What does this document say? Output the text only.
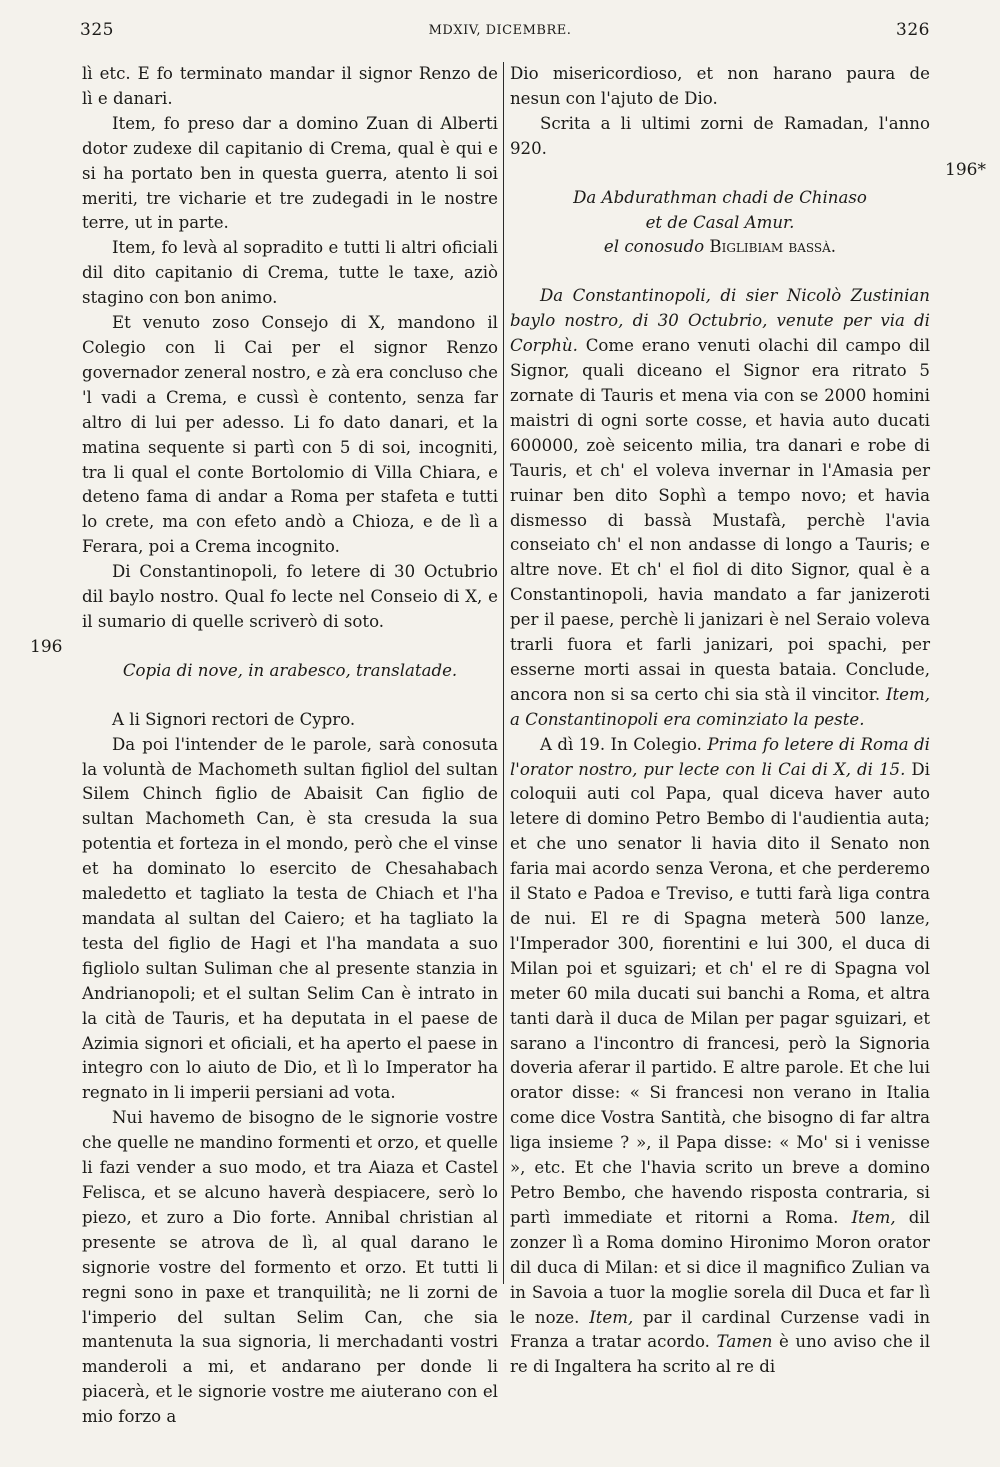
325	MDXIV, DICEMBRE.	326
196
196*

lì etc. E fo terminato mandar il signor Renzo de lì e danari.

Item, fo preso dar a domino Zuan di Alberti dotor zudexe dil capitanio di Crema, qual è qui e si ha portato ben in questa guerra, atento li soi meriti, tre vicharie et tre zudegadi in le nostre terre, ut in parte.

Item, fo levà al sopradito e tutti li altri oficiali dil dito capitanio di Crema, tutte le taxe, aziò stagino con bon animo.

Et venuto zoso Consejo di X, mandono il Colegio con li Cai per el signor Renzo governador zeneral nostro, e zà era concluso che 'l vadi a Crema, e cussì è contento, senza far altro di lui per adesso. Li fo dato danari, et la matina sequente si partì con 5 di soi, incogniti, tra li qual el conte Bortolomio di Villa Chiara, e deteno fama di andar a Roma per stafeta e tutti lo crete, ma con efeto andò a Chioza, e de lì a Ferara, poi a Crema incognito.

Di Constantinopoli, fo letere di 30 Octubrio dil baylo nostro. Qual fo lecte nel Conseio di X, e il sumario di quelle scriverò di soto.

Copia di nove, in arabesco, translatade.

A li Signori rectori de Cypro.

Da poi l'intender de le parole, sarà conosuta la voluntà de Machometh sultan figliol del sultan Silem Chinch figlio de Abaisit Can figlio de sultan Machometh Can, è sta cresuda la sua potentia et forteza in el mondo, però che el vinse et ha dominato lo esercito de Chesahabach maledetto et tagliato la testa de Chiach et l'ha mandata al sultan del Caiero; et ha tagliato la testa del figlio de Hagi et l'ha mandata a suo figliolo sultan Suliman che al presente stanzia in Andrianopoli; et el sultan Selim Can è intrato in la cità de Tauris, et ha deputata in el paese de Azimia signori et oficiali, et ha aperto el paese in integro con lo aiuto de Dio, et lì lo Imperator ha regnato in li imperii persiani ad vota.

Nui havemo de bisogno de le signorie vostre che quelle ne mandino formenti et orzo, et quelle li fazi vender a suo modo, et tra Aiaza et Castel Felisca, et se alcuno haverà despiacere, serò lo piezo, et zuro a Dio forte. Annibal christian al presente se atrova de lì, al qual darano le signorie vostre del formento et orzo. Et tutti li regni sono in paxe et tranquilità; ne li zorni de l'imperio del sultan Selim Can, che sia mantenuta la sua signoria, li merchadanti vostri manderoli a mi, et andarano per donde li piacerà, et le signorie vostre me aiuterano con el mio forzo a

Dio misericordioso, et non harano paura de nesun con l'ajuto de Dio.

Scrita a li ultimi zorni de Ramadan, l'anno 920.

Da Abdurathman chadi de Chinaso

et de Casal Amur.

el conosudo Biglibiam bassà.

Da Constantinopoli, di sier Nicolò Zustinian baylo nostro, di 30 Octubrio, venute per via di Corphù. Come erano venuti olachi dil campo dil Signor, quali diceano el Signor era ritrato 5 zornate di Tauris et mena via con se 2000 homini maistri di ogni sorte cosse, et havia auto ducati 600000, zoè seicento milia, tra danari e robe di Tauris, et ch' el voleva invernar in l'Amasia per ruinar ben dito Sophì a tempo novo; et havia dismesso di bassà Mustafà, perchè l'avia conseiato ch' el non andasse di longo a Tauris; e altre nove. Et ch' el fiol di dito Signor, qual è a Constantinopoli, havia mandato a far janizeroti per il paese, perchè li janizari è nel Seraio voleva trarli fuora et farli janizari, poi spachi, per esserne morti assai in questa bataia. Conclude, ancora non si sa certo chi sia stà il vincitor. Item, a Constantinopoli era cominziato la peste.

A dì 19. In Colegio. Prima fo letere di Roma di l'orator nostro, pur lecte con li Cai di X, di 15. Di coloquii auti col Papa, qual diceva haver auto letere di domino Petro Bembo di l'audientia auta; et che uno senator li havia dito il Senato non faria mai acordo senza Verona, et che perderemo il Stato e Padoa e Treviso, e tutti farà liga contra de nui. El re di Spagna meterà 500 lanze, l'Imperador 300, fiorentini e lui 300, el duca di Milan poi et sguizari; et ch' el re di Spagna vol meter 60 mila ducati sui banchi a Roma, et altra tanti darà il duca de Milan per pagar sguizari, et sarano a l'incontro di francesi, però la Signoria doveria aferar il partido. E altre parole. Et che lui orator disse: « Si francesi non verano in Italia come dice Vostra Santità, che bisogno di far altra liga insieme ? », il Papa disse: « Mo' si i venisse », etc. Et che l'havia scrito un breve a domino Petro Bembo, che havendo risposta contraria, si partì immediate et ritorni a Roma. Item, dil zonzer lì a Roma domino Hironimo Moron orator dil duca di Milan: et si dice il magnifico Zulian va in Savoia a tuor la moglie sorela dil Duca et far lì le noze. Item, par il cardinal Curzense vadi in Franza a tratar acordo. Tamen è uno aviso che il re di Ingaltera ha scrito al re di
